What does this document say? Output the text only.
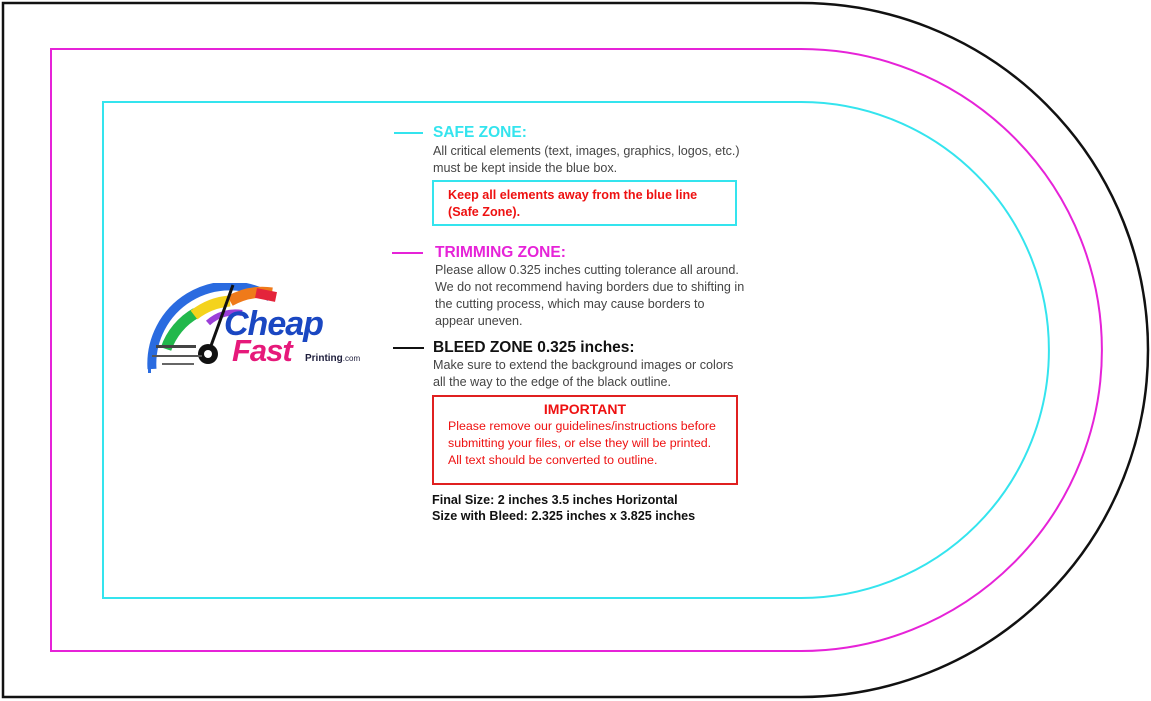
Cheap
Fast Printing.com
SAFE ZONE:
All critical elements (text, images, graphics, logos, etc.)
must be kept inside the blue box.
Keep all elements away from the blue line
(Safe Zone).
TRIMMING ZONE:
Please allow 0.325 inches cutting tolerance all around.
We do not recommend having borders due to shifting in
the cutting process, which may cause borders to
appear uneven.
BLEED ZONE 0.325 inches:
Make sure to extend the background images or colors
all the way to the edge of the black outline.
IMPORTANT
Please remove our guidelines/instructions before
submitting your files, or else they will be printed.
All text should be converted to outline.
Final Size: 2 inches 3.5 inches Horizontal
Size with Bleed: 2.325 inches x 3.825 inches
